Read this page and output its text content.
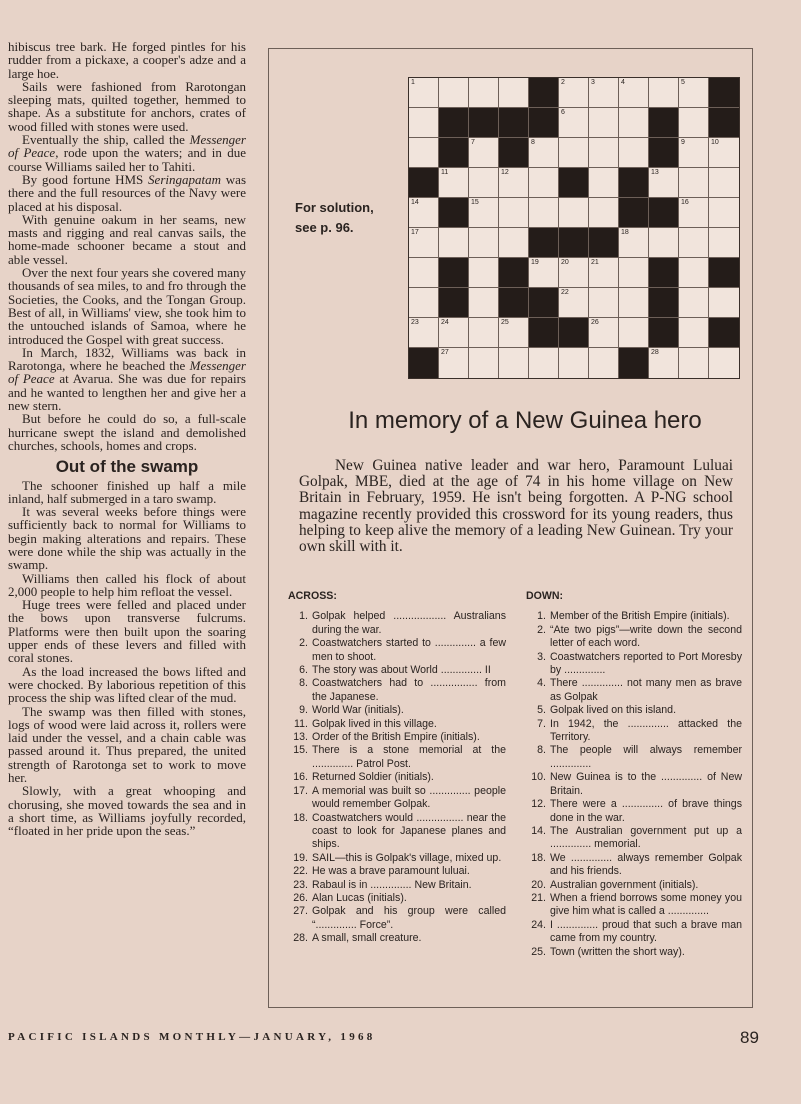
hibiscus tree bark. He forged pintles for his rudder from a pickaxe, a cooper's adze and a large hoe.

Sails were fashioned from Rarotongan sleeping mats, quilted together, hemmed to shape. As a substitute for anchors, crates of wood filled with stones were used.

Eventually the ship, called the Messenger of Peace, rode upon the waters; and in due course Williams sailed her to Tahiti.

By good fortune HMS Seringapatam was there and the full resources of the Navy were placed at his disposal.

With genuine oakum in her seams, new masts and rigging and real canvas sails, the home-made schooner became a stout and able vessel.

Over the next four years she covered many thousands of sea miles, to and fro through the Societies, the Cooks, and the Tongan Group. Best of all, in Williams' view, she took him to the untouched islands of Samoa, where he introduced the Gospel with great success.

In March, 1832, Williams was back in Rarotonga, where he beached the Messenger of Peace at Avarua. She was due for repairs and he wanted to lengthen her and give her a new stern.

But before he could do so, a full-scale hurricane swept the island and demolished churches, schools, homes and crops.

Out of the swamp

The schooner finished up half a mile inland, half submerged in a taro swamp.

It was several weeks before things were sufficiently back to normal for Williams to begin making alterations and repairs. These were done while the ship was actually in the swamp.

Williams then called his flock of about 2,000 people to help him refloat the vessel.

Huge trees were felled and placed under the bows upon transverse fulcrums. Platforms were then built upon the soaring upper ends of these levers and filled with coral stones.

As the load increased the bows lifted and were chocked. By laborious repetition of this process the ship was lifted clear of the mud.

The swamp was then filled with stones, logs of wood were laid across it, rollers were laid under the vessel, and a chain cable was passed around it. Thus prepared, the united strength of Rarotonga set to work to move her.

Slowly, with a great whooping and chorusing, she moved towards the sea and in a short time, as Williams joyfully recorded, “floated in her pride upon the seas.”

For solution,
see p. 96.
1	2	3	4	5
6
7	8	9	10
11	12	13
14	15	16
17	18
19	20	21
22
23	24	25	26
27	28
In memory of a New Guinea hero

New Guinea native leader and war hero, Paramount Luluai Golpak, MBE, died at the age of 74 in his home village on New Britain in February, 1959. He isn't being forgotten. A P-NG school magazine recently provided this crossword for its young readers, thus helping to keep alive the memory of a leading New Guinean. Try your own skill with it.

ACROSS:
1. Golpak helped .................. Australians during the war.
2. Coastwatchers started to .............. a few men to shoot.
6. The story was about World .............. II
8. Coastwatchers had to ................ from the Japanese.
9. World War (initials).
11. Golpak lived in this village.
13. Order of the British Empire (initials).
15. There is a stone memorial at the .............. Patrol Post.
16. Returned Soldier (initials).
17. A memorial was built so .............. people would remember Golpak.
18. Coastwatchers would ................ near the coast to look for Japanese planes and ships.
19. SAIL—this is Golpak's village, mixed up.
22. He was a brave paramount luluai.
23. Rabaul is in .............. New Britain.
26. Alan Lucas (initials).
27. Golpak and his group were called “.............. Force”.
28. A small, small creature.
DOWN:
1. Member of the British Empire (initials).
2. “Ate two pigs”—write down the second letter of each word.
3. Coastwatchers reported to Port Moresby by ..............
4. There .............. not many men as brave as Golpak
5. Golpak lived on this island.
7. In 1942, the .............. attacked the Territory.
8. The people will always remember ..............
10. New Guinea is to the .............. of New Britain.
12. There were a .............. of brave things done in the war.
14. The Australian government put up a .............. memorial.
18. We .............. always remember Golpak and his friends.
20. Australian government (initials).
21. When a friend borrows some money you give him what is called a ..............
24. I .............. proud that such a brave man came from my country.
25. Town (written the short way).
PACIFIC ISLANDS MONTHLY—JANUARY, 1968	89
